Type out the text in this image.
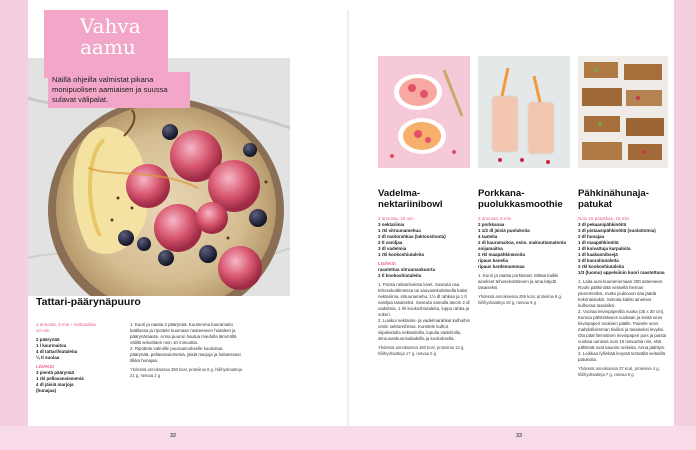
Vahva
aamu
Näillä ohjeilla valmistat pikana monipuolisen aamiaisen ja suussa sulavat välipalat.
Tattari-päärynäpuuro
4 annosta, 5 min + keittoaikaa 10 min
2 päärynää
1 l kaurmaitoa
4 dl tattarihiutaleita
¼ tl suolaa
LISÄKSI
3 pientä päärynää
1 rkl pellavansiemeniä
4 dl jäisiä marjoja
(hunajaa)
1. Kuori ja raasta 2 päärynää. Kuumenna kauramaito kattilassa ja ripottele kuumaan nesteeseen hiutaleet ja päärynäraaste. Anna puuron hautua miedolla lämmöllä välillä sekoittaen noin 10 minuuttia.
2. Ripottele valmiille puuroannokselle kuutioitua päärynää, pellavansiemeniä, jäisiä marjoja ja halutessasi tilkka hunajaa.
Yhdessä annoksessa 390 kcal, proteiinia 6 g, hiilihydraatteja 21 g, rasvaa 2 g
32
Vadelma-
nektariinibowl
Porkkana-
puolukkasmoothie
Pähkinähunaja-
patukat
2 annosta, 15 min
3 nektariinia
1 rkl sitruunamehua
2 dl maitorahkaa (laktoositonta)
2 tl vaniljaa
3 dl vadelmia
1 rkl kookoshiutaleita
LISÄKSI
raastettua sitruunankuorta
2 tl kookoshiutaleita
1. Poista nektariineista kivet. Soseuta osa tehosekoittimessa tai sauvasekoittimella kaksi nektariinia, sitruunamehu, 1½ dl rahkaa ja 1 tl vaniljaa tasaiseksi. Soseuta samalla tavoin 2 dl vadelmia, 1 rkl kookoshiutaleita, loppu rahka ja sokeri.
2. Lusikoi nektariini- ja vadelmarahkat kulhoihin omiin sektoreihinsa. Koristele kulhot viipaloidulla nektariinilla, loputla vadelmilla, sitruunankuorisuikaleilla ja kookoksella.
Yhdessä annoksessa 180 kcal, proteiinia 13 g, hiilihydraatteja 17 g, rasvaa 5 g
2 annosta, 5 min
2 porkkanaa
1 1/2 dl jäisiä puolukoita
4 taatelia
2 dl kauramaitoa, esim. maksuttamatonta soijamaitoa
2 rkl maapähkinävoita
ripaus kanelia
ripaus kardemummaa
1. Kuori ja raasta porkkanat. Mittaa kaikki ainekset tehosekoittimeen ja ama käydä tasaiseksi.
Yhdessä annoksessa 259 kcal, proteiinia 8 g, hiilihydraatteja 18 g, rasvaa 9 g
Noin 16 patukkaa, 15 min
3 dl pekaanipähkinöitä
3 dl pistaasipähkinöitä (suolattomia)
2 dl hunajaa
1 dl maapähkinöitä
1 dl kuivattuja karpaloita
1 dl kaakaonibsejä
3 dl kaurahiutaleita
2 rkl kookoshiutaleita
1/3 (luomu) appelsiinin kuori raastettuna
1. Laita uuni kuumenemaan 200 asteeseen. Rouhi pähkinöitä veitsellä hieman pienemmiksi, mutta jouklooon saa jäädä kokonaisiakin. Sekoita kaikki ainekset kulhossa tasaisiksi.
2. Vuoraa leivinpaperilla vuoka (25 x 30 cm). Kumoa pähkinäseos vuokaan ja levitä seos leivinpaperi seoksen päälle. Painele seos mahdollisimman tiiviiksi ja tasaiseksi levyksi. Ota pääl limmäinen leivinpaperi pois ja paista vuokaa uunissa noin 10 minuuttia niin, että pähkinät ovat kauniin ruskeita. Anna jäähtyä.
3. Leikkaa fyllinkää levystä terävällä veitsellä patukoita.
Yhdessä annoksessa 37 kcal, proteiinia 4 g, hiilihydraatteja 7 g, rasvaa 9 g
33
